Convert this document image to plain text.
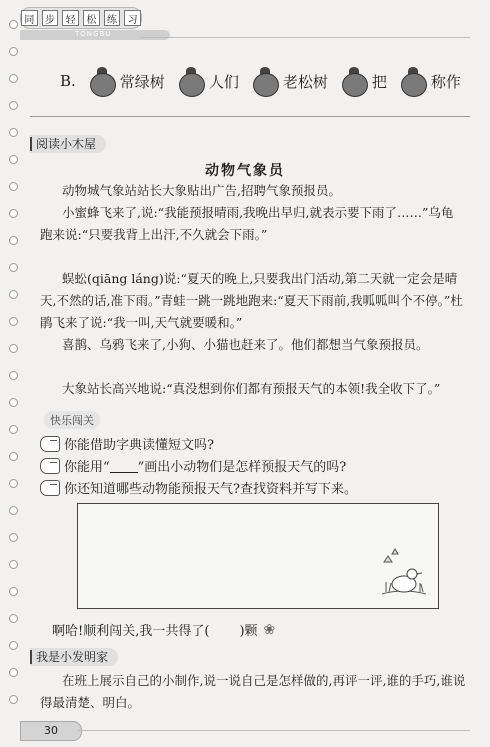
同	步	轻	松	练	习
TONGBU
B.	常绿树	人们	老松树	把	称作
阅读小木屋
动物气象员
动物城气象站站长大象贴出广告,招聘气象预报员。
小蜜蜂飞来了,说:“我能预报晴雨,我晚出早归,就表示要下雨了……”乌龟跑来说:“只要我背上出汗,不久就会下雨。”
蜈蚣(qiāng láng)说:“夏天的晚上,只要我出门活动,第二天就一定会是晴天,不然的话,准下雨。”青蛙一跳一跳地跑来:“夏天下雨前,我呱呱叫个不停。”杜鹃飞来了说:“我一叫,天气就要暖和。”
喜鹊、乌鸦飞来了,小狗、小猫也赶来了。他们都想当气象预报员。
大象站长高兴地说:“真没想到你们都有预报天气的本领!我全收下了。”
快乐闯关
你能借助字典读懂短文吗?
你能用“ ”画出小动物们是怎样预报天气的吗?
你还知道哪些动物能预报天气?查找资料并写下来。
啊哈!顺利闯关,我一共得了(
)颗 ❀
我是小发明家
在班上展示自己的小制作,说一说自己是怎样做的,再评一评,谁的手巧,谁说得最清楚、明白。
30
